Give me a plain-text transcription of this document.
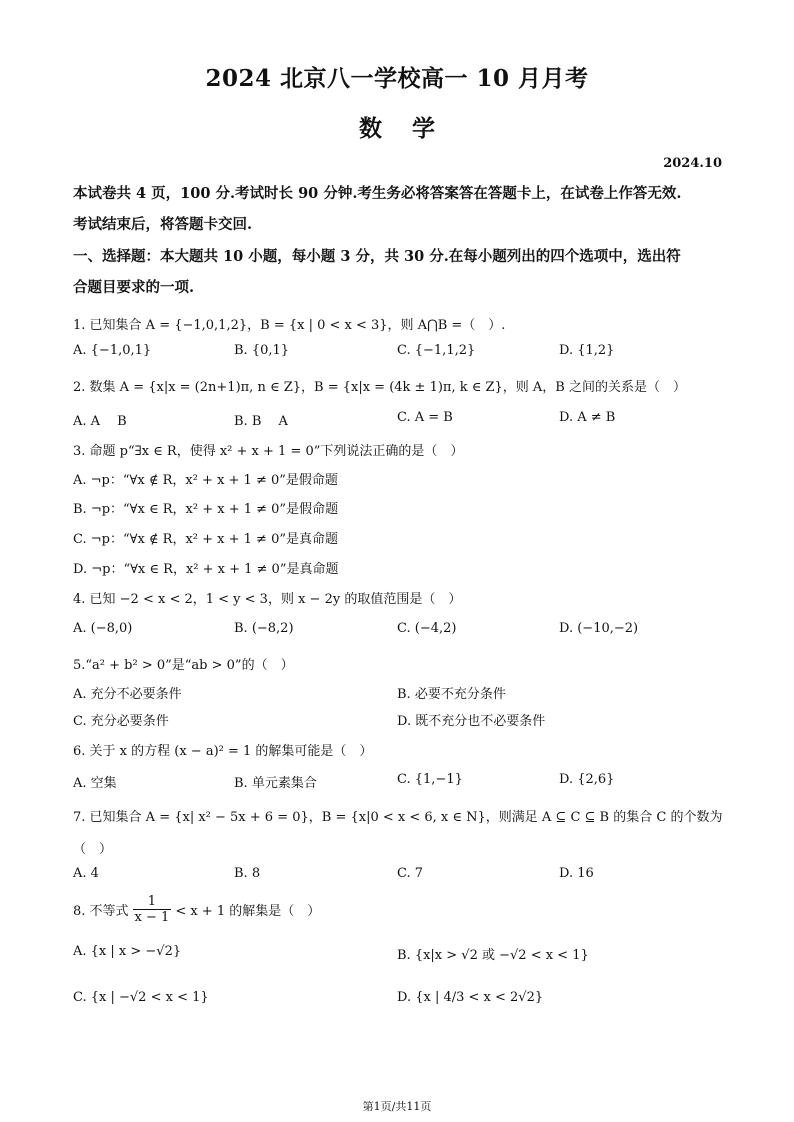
2024 北京八一学校高一 10 月月考
数学
2024.10
本试卷共 4 页，100 分.考试时长 90 分钟.考生务必将答案答在答题卡上，在试卷上作答无效.
考试结束后，将答题卡交回.
一、选择题：本大题共 10 小题，每小题 3 分，共 30 分.在每小题列出的四个选项中，选出符
合题目要求的一项.
1. 已知集合 A = {−1,0,1,2}，B = {x | 0 < x < 3}，则 A⋂B =（　）.
A. {−1,0,1}	B. {0,1}	C. {−1,1,2}	D. {1,2}
2. 数集 A = {x|x = (2n+1)π, n ∈ Z}，B = {x|x = (4k ± 1)π, k ∈ Z}，则 A，B 之间的关系是（　）
A. A　 B	B. B　 A	C. A = B	D. A ≠ B
3. 命题 p“∃x ∈ R，使得 x² + x + 1 = 0”下列说法正确的是（　）
A. ¬p：“∀x ∉ R，x² + x + 1 ≠ 0”是假命题
B. ¬p：“∀x ∈ R，x² + x + 1 ≠ 0”是假命题
C. ¬p：“∀x ∉ R，x² + x + 1 ≠ 0”是真命题
D. ¬p：“∀x ∈ R，x² + x + 1 ≠ 0”是真命题
4. 已知 −2 < x < 2，1 < y < 3，则 x − 2y 的取值范围是（　）
A. (−8,0)	B. (−8,2)	C. (−4,2)	D. (−10,−2)
5.“a² + b² > 0”是“ab > 0”的（　）
A. 充分不必要条件	B. 必要不充分条件
C. 充分必要条件	D. 既不充分也不必要条件
6. 关于 x 的方程 (x − a)² = 1 的解集可能是（　）
A. 空集	B. 单元素集合	C. {1,−1}	D. {2,6}
7. 已知集合 A = {x| x² − 5x + 6 = 0}，B = {x|0 < x < 6, x ∈ N}，则满足 A ⊆ C ⊆ B 的集合 C 的个数为
（　）
A. 4	B. 8	C. 7	D. 16
8. 不等式 $\frac{1}{x - 1} < x + 1$ 的解集是（　）
A. {x | x > −√2}	B. {x|x > √2 或 −√2 < x < 1}
C. {x | −√2 < x < 1}	D. {x | 4/3 < x < 2√2}
第1页/共11页
